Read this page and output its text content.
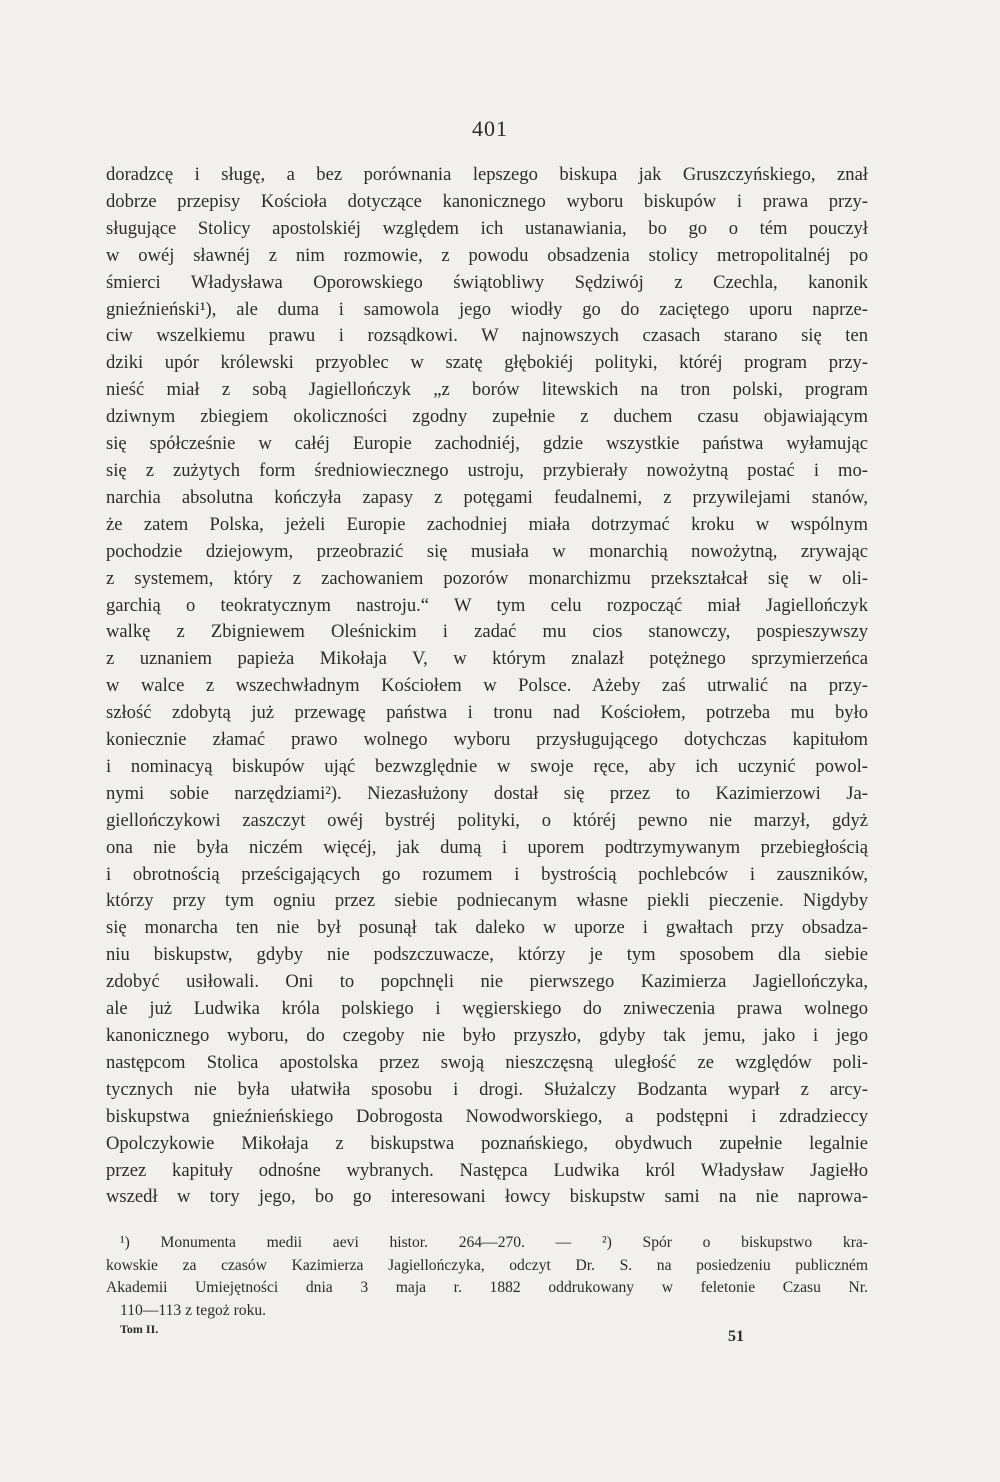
401
doradzcę i sługę, a bez porównania lepszego biskupa jak Gruszczyńskiego, znał
dobrze przepisy Kościoła dotyczące kanonicznego wyboru biskupów i prawa przy-
sługujące Stolicy apostolskiéj względem ich ustanawiania, bo go o tém pouczył
w owéj sławnéj z nim rozmowie, z powodu obsadzenia stolicy metropolitalnéj po
śmierci Władysława Oporowskiego świątobliwy Sędziwój z Czechla, kanonik
gnieźnieński¹), ale duma i samowola jego wiodły go do zaciętego uporu naprze-
ciw wszelkiemu prawu i rozsądkowi. W najnowszych czasach starano się ten
dziki upór królewski przyoblec w szatę głębokiéj polityki, któréj program przy-
nieść miał z sobą Jagiellończyk „z borów litewskich na tron polski, program
dziwnym zbiegiem okoliczności zgodny zupełnie z duchem czasu objawiającym
się spółcześnie w całéj Europie zachodniéj, gdzie wszystkie państwa wyłamując
się z zużytych form średniowiecznego ustroju, przybierały nowożytną postać i mo-
narchia absolutna kończyła zapasy z potęgami feudalnemi, z przywilejami stanów,
że zatem Polska, jeżeli Europie zachodniej miała dotrzymać kroku w wspólnym
pochodzie dziejowym, przeobrazić się musiała w monarchią nowożytną, zrywając
z systemem, który z zachowaniem pozorów monarchizmu przekształcał się w oli-
garchią o teokratycznym nastroju.“ W tym celu rozpocząć miał Jagiellończyk
walkę z Zbigniewem Oleśnickim i zadać mu cios stanowczy, pospieszywszy
z uznaniem papieża Mikołaja V, w którym znalazł potężnego sprzymierzeńca
w walce z wszechwładnym Kościołem w Polsce. Ażeby zaś utrwalić na przy-
szłość zdobytą już przewagę państwa i tronu nad Kościołem, potrzeba mu było
koniecznie złamać prawo wolnego wyboru przysługującego dotychczas kapitułom
i nominacyą biskupów ująć bezwzględnie w swoje ręce, aby ich uczynić powol-
nymi sobie narzędziami²). Niezasłużony dostał się przez to Kazimierzowi Ja-
giellończykowi zaszczyt owéj bystréj polityki, o któréj pewno nie marzył, gdyż
ona nie była niczém więcéj, jak dumą i uporem podtrzymywanym przebiegłością
i obrotnością prześcigających go rozumem i bystrością pochlebców i zauszników,
którzy przy tym ogniu przez siebie podniecanym własne piekli pieczenie. Nigdyby
się monarcha ten nie był posunął tak daleko w uporze i gwałtach przy obsadza-
niu biskupstw, gdyby nie podszczuwacze, którzy je tym sposobem dla siebie
zdobyć usiłowali. Oni to popchnęli nie pierwszego Kazimierza Jagiellończyka,
ale już Ludwika króla polskiego i węgierskiego do zniweczenia prawa wolnego
kanonicznego wyboru, do czegoby nie było przyszło, gdyby tak jemu, jako i jego
następcom Stolica apostolska przez swoją nieszczęsną uległość ze względów poli-
tycznych nie była ułatwiła sposobu i drogi. Służalczy Bodzanta wyparł z arcy-
biskupstwa gnieźnieńskiego Dobrogosta Nowodworskiego, a podstępni i zdradzieccy
Opolczykowie Mikołaja z biskupstwa poznańskiego, obydwuch zupełnie legalnie
przez kapituły odnośne wybranych. Następca Ludwika król Władysław Jagiełło
wszedł w tory jego, bo go interesowani łowcy biskupstw sami na nie naprowa-
¹) Monumenta medii aevi histor. 264—270. — ²) Spór o biskupstwo kra-
kowskie za czasów Kazimierza Jagiellończyka, odczyt Dr. S. na posiedzeniu publiczném
Akademii Umiejętności dnia 3 maja r. 1882 oddrukowany w feletonie Czasu Nr.
110—113 z tegoż roku.
Tom II.	51
